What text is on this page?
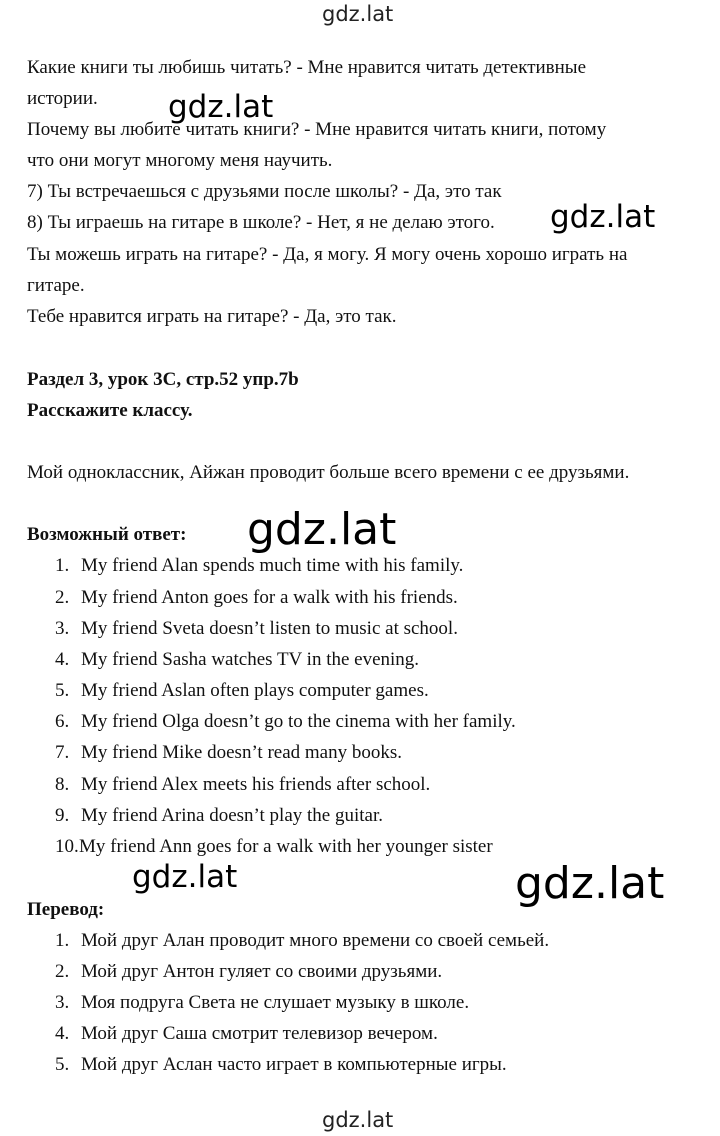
gdz.lat
gdz.lat
gdz.lat
gdz.lat
gdz.lat	gdz.lat
gdz.lat
Какие книги ты любишь читать? - Мне нравится читать детективные
истории.
Почему вы любите читать книги? - Мне нравится читать книги, потому
что они могут многому меня научить.
7) Ты встречаешься с друзьями после школы? - Да, это так
8) Ты играешь на гитаре в школе? - Нет, я не делаю этого.
Ты можешь играть на гитаре? - Да, я могу. Я могу очень хорошо играть на
гитаре.
Тебе нравится играть на гитаре? - Да, это так.
Раздел 3, урок 3С, стр.52 упр.7b
Расскажите классу.
Мой одноклассник, Айжан проводит больше всего времени с ее друзьями.
Возможный ответ:
1. My friend Alan spends much time with his family.
2. My friend Anton goes for a walk with his friends.
3. My friend Sveta doesn’t listen to music at school.
4. My friend Sasha watches TV in the evening.
5. My friend Aslan often plays computer games.
6. My friend Olga doesn’t go to the cinema with her family.
7. My friend Mike doesn’t read many books.
8. My friend Alex meets his friends after school.
9. My friend Arina doesn’t play the guitar.
10.My friend Ann goes for a walk with her younger sister
Перевод:
1. Мой друг Алан проводит много времени со своей семьей.
2. Мой друг Антон гуляет со своими друзьями.
3. Моя подруга Света не слушает музыку в школе.
4. Мой друг Саша смотрит телевизор вечером.
5. Мой друг Аслан часто играет в компьютерные игры.
